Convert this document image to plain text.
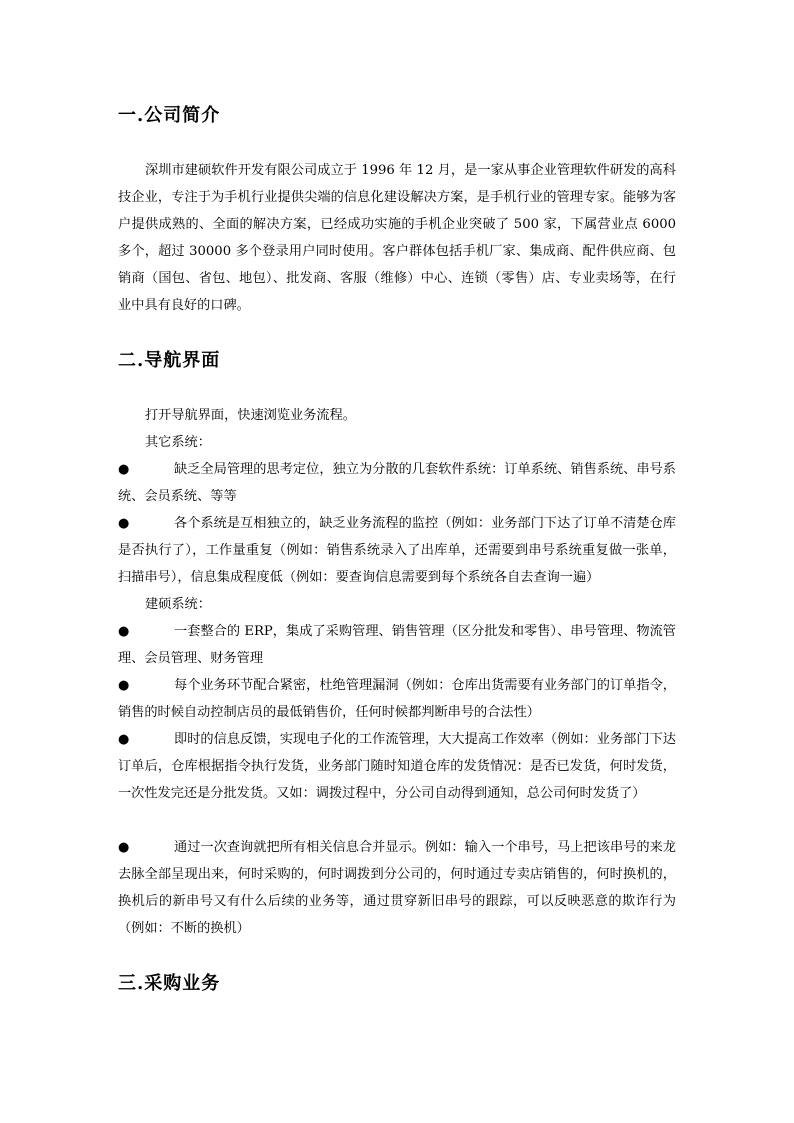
一.公司简介
深圳市建硕软件开发有限公司成立于 1996 年 12 月，是一家从事企业管理软件研发的高科技企业，专注于为手机行业提供尖端的信息化建设解决方案，是手机行业的管理专家。能够为客户提供成熟的、全面的解决方案，已经成功实施的手机企业突破了 500 家，下属营业点 6000 多个，超过 30000 多个登录用户同时使用。客户群体包括手机厂家、集成商、配件供应商、包销商（国包、省包、地包）、批发商、客服（维修）中心、连锁（零售）店、专业卖场等，在行业中具有良好的口碑。
二.导航界面
打开导航界面，快速浏览业务流程。
其它系统：
●	缺乏全局管理的思考定位，独立为分散的几套软件系统：订单系统、销售系统、串号系统、会员系统、等等
●	各个系统是互相独立的，缺乏业务流程的监控（例如：业务部门下达了订单不清楚仓库是否执行了），工作量重复（例如：销售系统录入了出库单，还需要到串号系统重复做一张单，扫描串号），信息集成程度低（例如：要查询信息需要到每个系统各自去查询一遍）
建硕系统：
●	一套整合的 ERP，集成了采购管理、销售管理（区分批发和零售）、串号管理、物流管理、会员管理、财务管理
●	每个业务环节配合紧密，杜绝管理漏洞（例如：仓库出货需要有业务部门的订单指令，销售的时候自动控制店员的最低销售价，任何时候都判断串号的合法性）
●	即时的信息反馈，实现电子化的工作流管理，大大提高工作效率（例如：业务部门下达订单后，仓库根据指令执行发货，业务部门随时知道仓库的发货情况：是否已发货，何时发货，一次性发完还是分批发货。又如：调拨过程中，分公司自动得到通知，总公司何时发货了）
●	通过一次查询就把所有相关信息合并显示。例如：输入一个串号，马上把该串号的来龙去脉全部呈现出来，何时采购的，何时调拨到分公司的，何时通过专卖店销售的，何时换机的，换机后的新串号又有什么后续的业务等，通过贯穿新旧串号的跟踪，可以反映恶意的欺诈行为（例如：不断的换机）
三.采购业务
